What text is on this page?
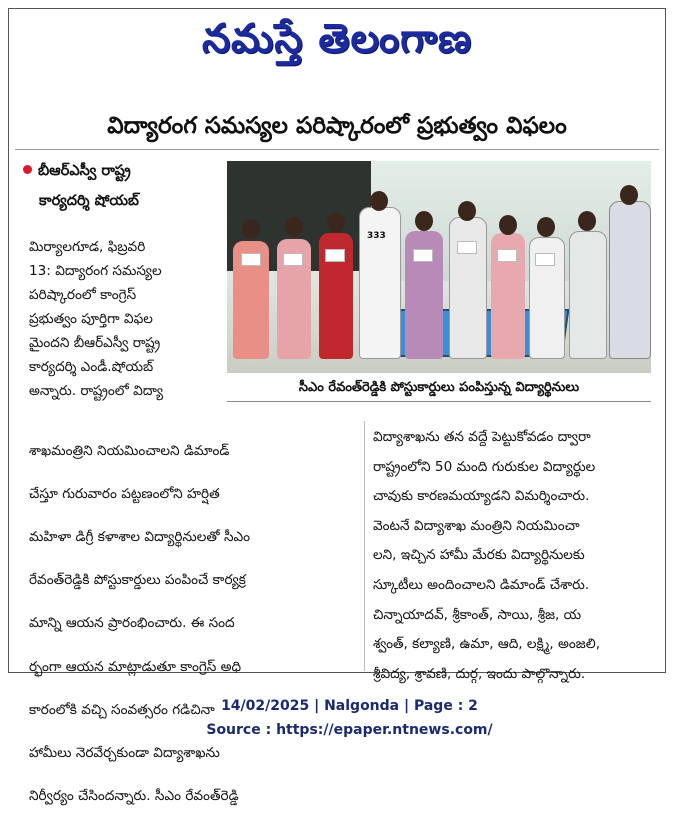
నమస్తే తెలంగాణ
విద్యారంగ సమస్యల పరిష్కారంలో ప్రభుత్వం విఫలం
బీఆర్ఎస్వీ రాష్ట్ర
కార్యదర్శి షోయబ్
333
సీఎం రేవంత్‌రెడ్డికి పోస్టుకార్డులు పంపిస్తున్న విద్యార్థినులు

మిర్యాలగూడ, ఫిబ్రవరి

13: విద్యారంగ సమస్యల

పరిష్కారంలో కాంగ్రెస్

ప్రభుత్వం పూర్తిగా విఫల

మైందని బీఆర్ఎస్వీ రాష్ట్ర

కార్యదర్శి ఎండీ.షోయబ్

అన్నారు. రాష్ట్రంలో విద్యా

శాఖమంత్రిని నియమించాలని డిమాండ్

చేస్తూ గురువారం పట్టణంలోని హర్షిత

మహిళా డిగ్రీ కళాశాల విద్యార్థినులతో సీఎం

రేవంత్‌రెడ్డికి పోస్టుకార్డులు పంపించే కార్యక్ర

మాన్ని ఆయన ప్రారంభించారు. ఈ సంద

ర్భంగా ఆయన మాట్లాడుతూ కాంగ్రెస్ అధి

కారంలోకి వచ్చి సంవత్సరం గడిచినా

హామీలు నెరవేర్చకుండా విద్యాశాఖను

నిర్వీర్యం చేసిందన్నారు. సీఎం రేవంత్‌రెడ్డి

విద్యాశాఖను తన వద్దే పెట్టుకోవడం ద్వారా

రాష్ట్రంలోని 50 మంది గురుకుల విద్యార్థుల

చావుకు కారణమయ్యాడని విమర్శించారు.

వెంటనే విద్యాశాఖ మంత్రిని నియమించా

లని, ఇచ్చిన హామీ మేరకు విద్యార్థినులకు

స్కూటీలు అందించాలని డిమాండ్ చేశారు.

చిన్నాయాదవ్, శ్రీకాంత్, సాయి, శ్రీజ, య

శ్వంత్, కల్యాణి, ఉమా, ఆది, లక్ష్మి, అంజలి,

శ్రీవిద్య, శ్రావణి, దుర్గ, ఇందు పాల్గొన్నారు.

14/02/2025 | Nalgonda | Page : 2
Source : https://epaper.ntnews.com/
